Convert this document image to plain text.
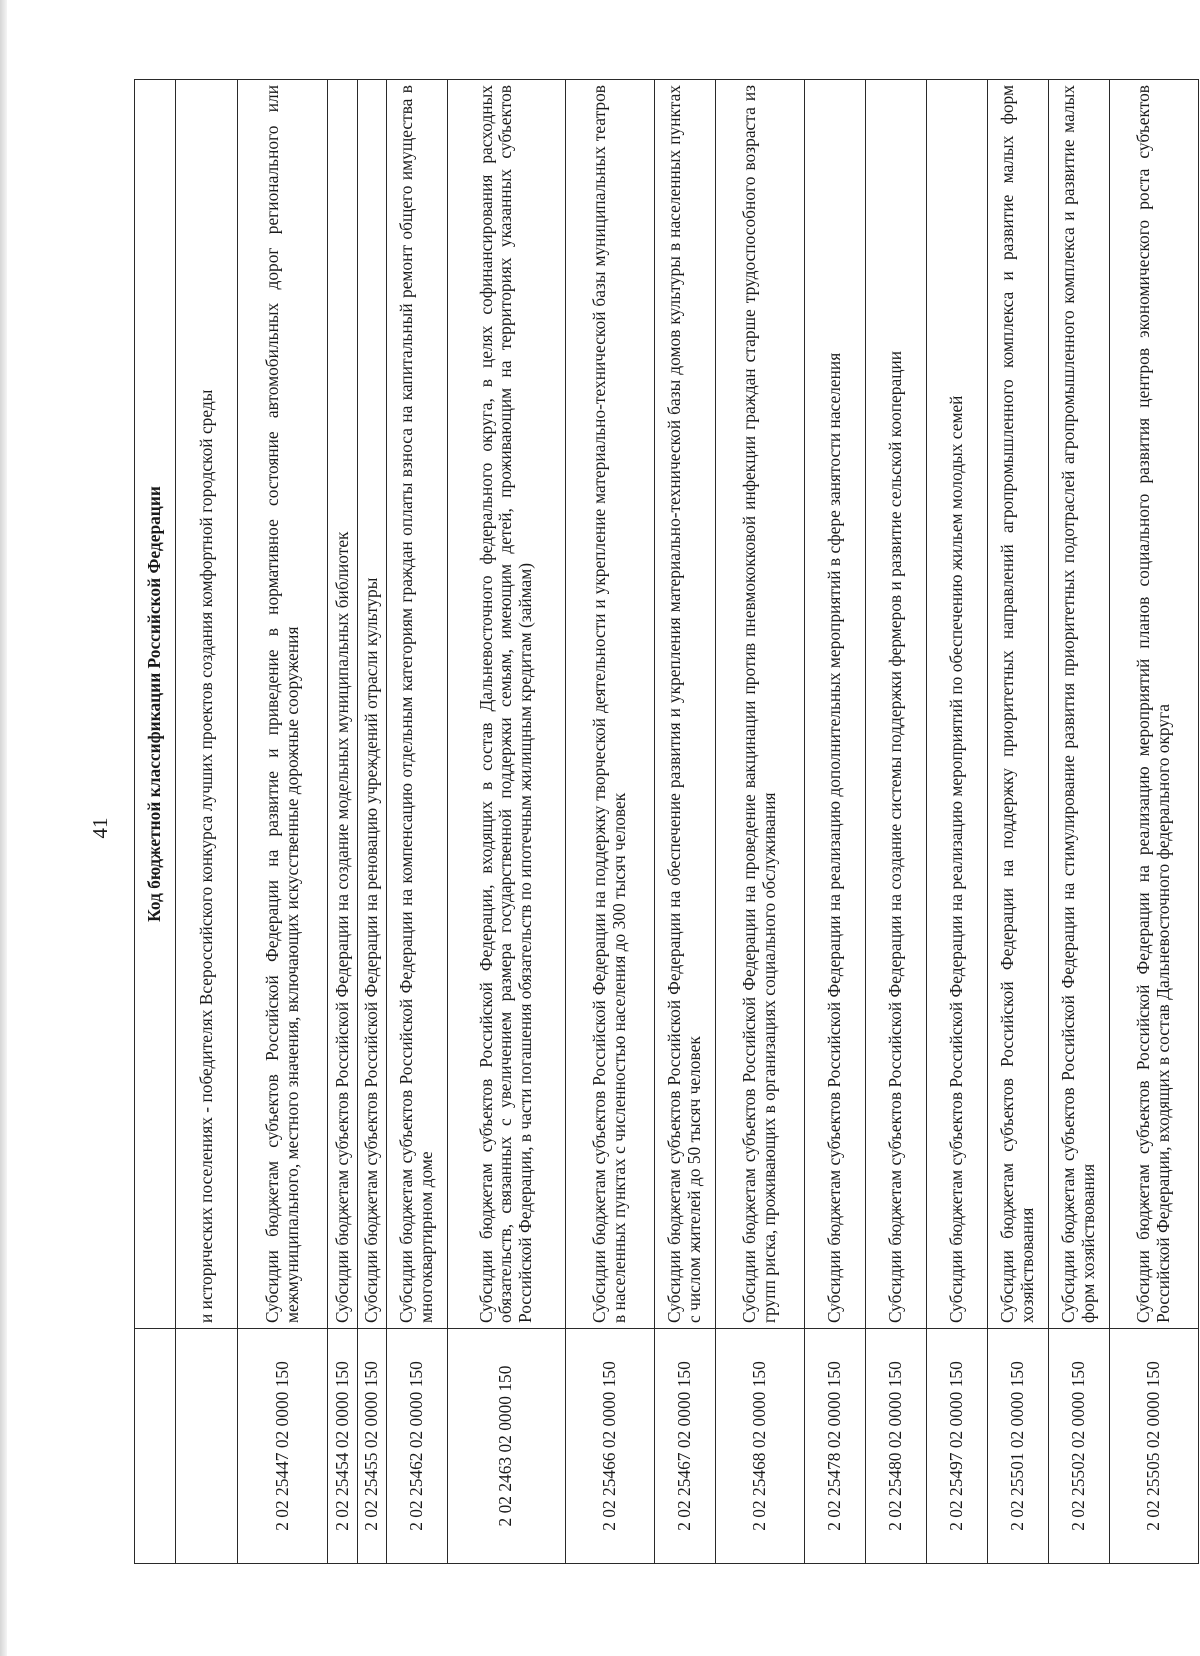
41
	Код бюджетной классификации Российской Федерации
	и исторических поселениях - победителях Всероссийского конкурса лучших проектов создания комфортной городской среды
2 02 25447 02 0000 150	Субсидии бюджетам субъектов Российской Федерации на развитие и приведение в нормативное состояние автомобильных дорог регионального или межмуниципального, местного значения, включающих искусственные дорожные сооружения
2 02 25454 02 0000 150	Субсидии бюджетам субъектов Российской Федерации на создание модельных муниципальных библиотек
2 02 25455 02 0000 150	Субсидии бюджетам субъектов Российской Федерации на реновацию учреждений отрасли культуры
2 02 25462 02 0000 150	Субсидии бюджетам субъектов Российской Федерации на компенсацию отдельным категориям граждан оплаты взноса на капитальный ремонт общего имущества в многоквартирном доме
2 02 2463 02 0000 150	Субсидии бюджетам субъектов Российской Федерации, входящих в состав Дальневосточного федерального округа, в целях софинансирования расходных обязательств, связанных с увеличением размера государственной поддержки семьям, имеющим детей, проживающим на территориях указанных субъектов Российской Федерации, в части погашения обязательств по ипотечным жилищным кредитам (займам)
2 02 25466 02 0000 150	Субсидии бюджетам субъектов Российской Федерации на поддержку творческой деятельности и укрепление материально-технической базы муниципальных театров в населенных пунктах с численностью населения до 300 тысяч человек
2 02 25467 02 0000 150	Субсидии бюджетам субъектов Российской Федерации на обеспечение развития и укрепления материально-технической базы домов культуры в населенных пунктах с числом жителей до 50 тысяч человек
2 02 25468 02 0000 150	Субсидии бюджетам субъектов Российской Федерации на проведение вакцинации против пневмококковой инфекции граждан старше трудоспособного возраста из групп риска, проживающих в организациях социального обслуживания
2 02 25478 02 0000 150	Субсидии бюджетам субъектов Российской Федерации на реализацию дополнительных мероприятий в сфере занятости населения
2 02 25480 02 0000 150	Субсидии бюджетам субъектов Российской Федерации на создание системы поддержки фермеров и развитие сельской кооперации
2 02 25497 02 0000 150	Субсидии бюджетам субъектов Российской Федерации на реализацию мероприятий по обеспечению жильем молодых семей
2 02 25501 02 0000 150	Субсидии бюджетам субъектов Российской Федерации на поддержку приоритетных направлений агропромышленного комплекса и развитие малых форм хозяйствования
2 02 25502 02 0000 150	Субсидии бюджетам субъектов Российской Федерации на стимулирование развития приоритетных подотраслей агропромышленного комплекса и развитие малых форм хозяйствования
2 02 25505 02 0000 150	Субсидии бюджетам субъектов Российской Федерации на реализацию мероприятий планов социального развития центров экономического роста субъектов Российской Федерации, входящих в состав Дальневосточного федерального округа
